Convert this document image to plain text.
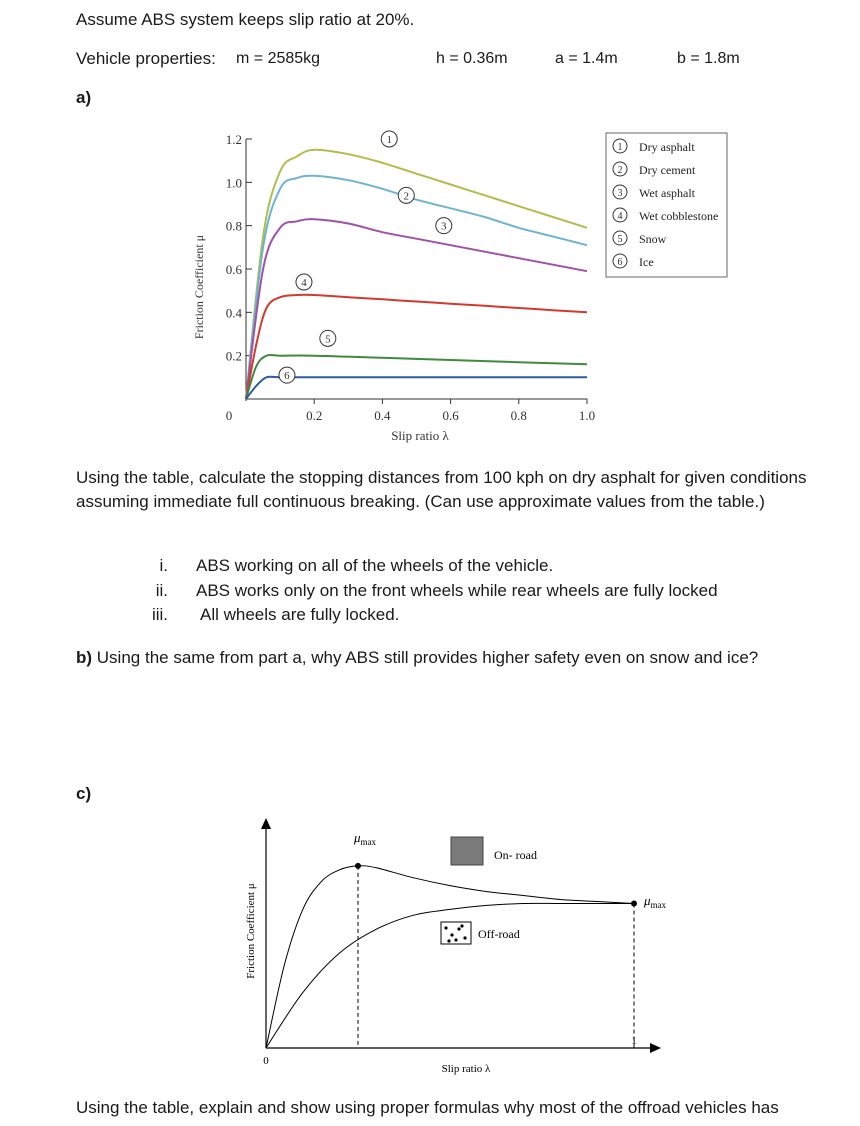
Assume ABS system keeps slip ratio at 20%.
Vehicle properties: m = 2585kg	h = 0.36m	a = 1.4m	b = 1.8m
a)
0.2
0.4
0.6
0.8
1.0
1.2
0	0.2	0.4	0.6	0.8	1.0
Friction Coefficient μ
Slip ratio λ
1
2
3
4
5
6
1 Dry asphalt
2 Dry cement
3 Wet asphalt
4 Wet cobblestone
5 Snow
6 Ice
Using the table, calculate the stopping distances from 100 kph on dry asphalt for given conditions assuming immediate full continuous breaking. (Can use approximate values from the table.)
i. ABS working on all of the wheels of the vehicle.
ii. ABS works only on the front wheels while rear wheels are fully locked
iii. All wheels are fully locked.
b) Using the same from part a, why ABS still provides higher safety even on snow and ice?
c)
0
1
Friction Coefficient μ
Slip ratio λ
$\mu_{max}$
$\mu_{max}$
On- road
Off-road
Using the table, explain and show using proper formulas why most of the offroad vehicles has
